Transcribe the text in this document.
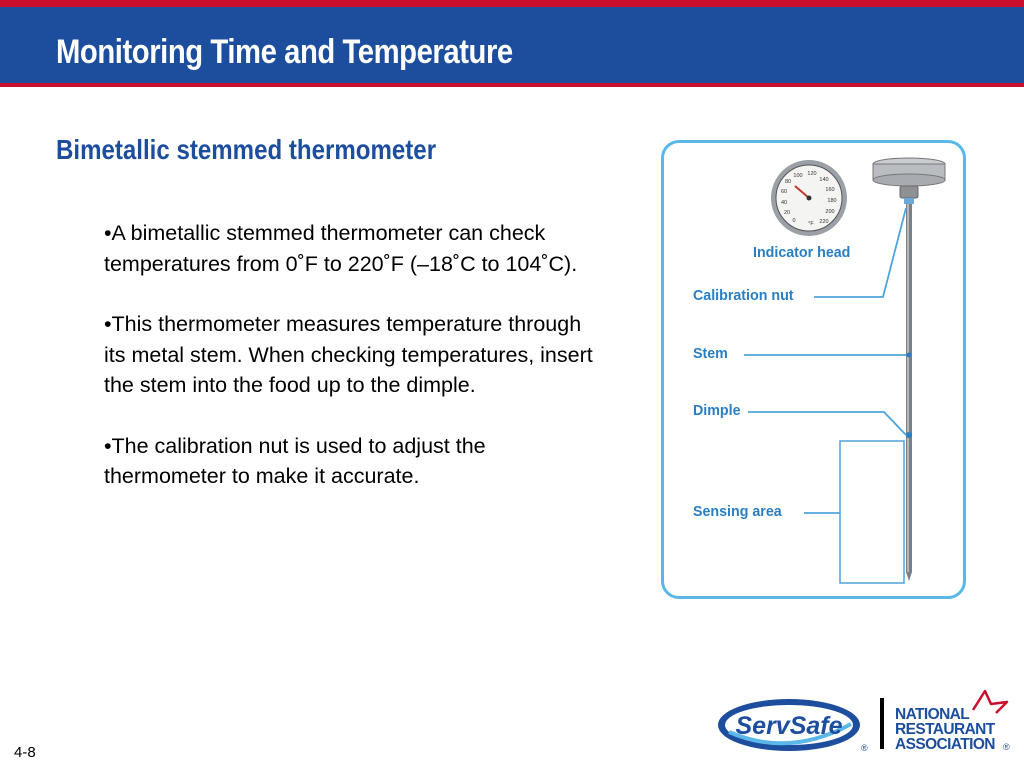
Monitoring Time and Temperature
Bimetallic stemmed thermometer
•A bimetallic stemmed thermometer can check temperatures from 0˚F to 220˚F (–18˚C to 104˚C).
•This thermometer measures temperature through its metal stem. When checking temperatures, insert the stem into the food up to the dimple.
•The calibration nut is used to adjust the thermometer to make it accurate.
100 120
140
160
180
200
220
80
60
40
20
0 °F
Indicator head
Calibration nut
Stem
Dimple
Sensing area
4-8
ServSafe
®
NATIONAL
RESTAURANT
ASSOCIATION ®
